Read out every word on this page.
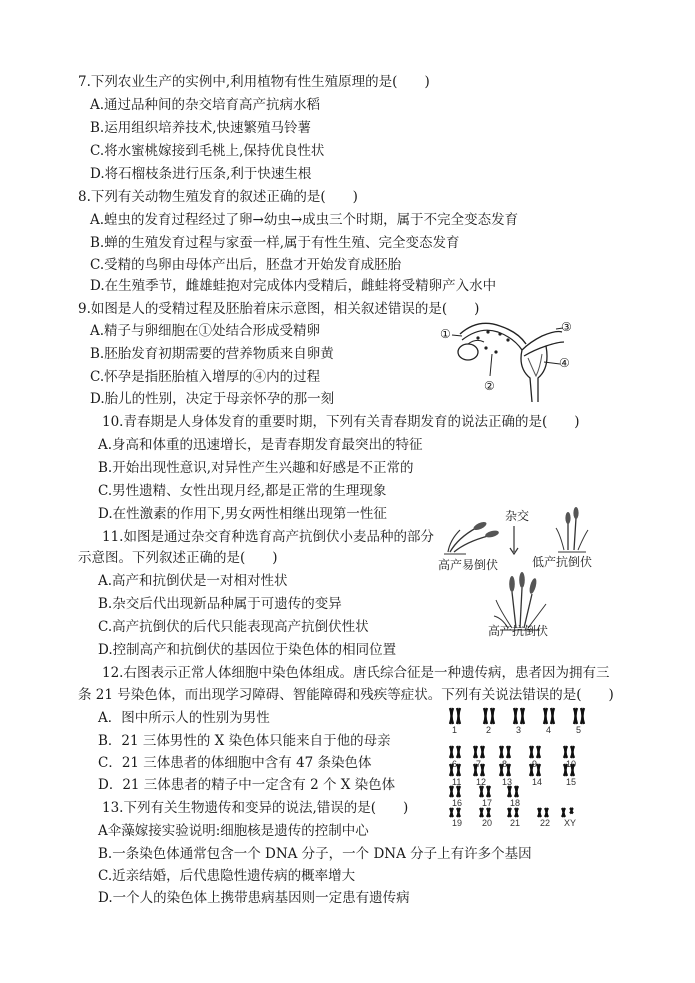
7.下列农业生产的实例中,利用植物有性生殖原理的是(　　)
A.通过品种间的杂交培育高产抗病水稻
B.运用组织培养技术,快速繁殖马铃薯
C.将水蜜桃嫁接到毛桃上,保持优良性状
D.将石榴枝条进行压条,利于快速生根
8.下列有关动物生殖发育的叙述正确的是(　　)
A.蝗虫的发育过程经过了卵→幼虫→成虫三个时期，属于不完全变态发育
B.蝉的生殖发育过程与家蚕一样,属于有性生殖、完全变态发育
C.受精的鸟卵由母体产出后，胚盘才开始发育成胚胎
D.在生殖季节，雌雄蛙抱对完成体内受精后，雌蛙将受精卵产入水中
9.如图是人的受精过程及胚胎着床示意图，相关叙述错误的是(　　)
A.精子与卵细胞在①处结合形成受精卵
B.胚胎发育初期需要的营养物质来自卵黄
C.怀孕是指胚胎植入增厚的④内的过程
D.胎儿的性别，决定于母亲怀孕的那一刻
①
②
③
④
10.青春期是人身体发育的重要时期，下列有关青春期发育的说法正确的是(　　)
A.身高和体重的迅速增长，是青春期发育最突出的特征
B.开始出现性意识,对异性产生兴趣和好感是不正常的
C.男性遗精、女性出现月经,都是正常的生理现象
D.在性激素的作用下,男女两性相继出现第一性征
11.如图是通过杂交育种选育高产抗倒伏小麦品种的部分
示意图。下列叙述正确的是(　　)
A.高产和抗倒伏是一对相对性状
B.杂交后代出现新品种属于可遗传的变异
C.高产抗倒伏的后代只能表现高产抗倒伏性状
D.控制高产和抗倒伏的基因位于染色体的相同位置
杂交
高产易倒伏	低产抗倒伏
高产抗倒伏
12.右图表示正常人体细胞中染色体组成。唐氏综合征是一种遗传病，患者因为拥有三
条 21 号染色体，而出现学习障碍、智能障碍和残疾等症状。下列有关说法错误的是(　　)
A．图中所示人的性别为男性
B．21 三体男性的 X 染色体只能来自于他的母亲
C．21 三体患者的体细胞中含有 47 条染色体
D．21 三体患者的精子中一定含有 2 个 X 染色体
1	2	3	4	5
6 7 8	9	10
11 12 13 14	15
16 17 18
19 20 21 22 XY
13.下列有关生物遗传和变异的说法,错误的是(　　)
A伞藻嫁接实验说明:细胞核是遗传的控制中心
B.一条染色体通常包含一个 DNA 分子，一个 DNA 分子上有许多个基因
C.近亲结婚，后代患隐性遗传病的概率增大
D.一个人的染色体上携带患病基因则一定患有遗传病
